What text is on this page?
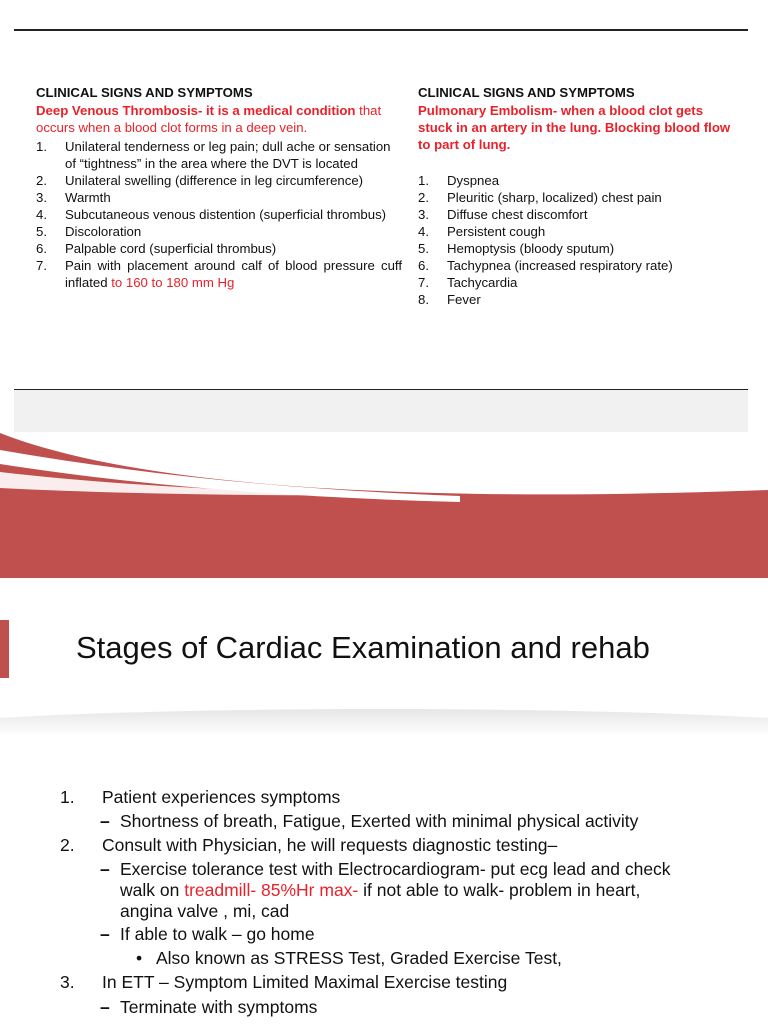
CLINICAL SIGNS AND SYMPTOMS
Deep Venous Thrombosis- it is a medical condition that occurs when a blood clot forms in a deep vein.
1.	Unilateral tenderness or leg pain; dull ache or sensation of “tightness” in the area where the DVT is located
2.	Unilateral swelling (difference in leg circumference)
3.	Warmth
4.	Subcutaneous venous distention (superficial thrombus)
5.	Discoloration
6.	Palpable cord (superficial thrombus)
7.	Pain with placement around calf of blood pressure cuff inflated to 160 to 180 mm Hg
CLINICAL SIGNS AND SYMPTOMS
Pulmonary Embolism- when a blood clot gets stuck in an artery in the lung. Blocking blood flow to part of lung.
1.	Dyspnea
2.	Pleuritic (sharp, localized) chest pain
3.	Diffuse chest discomfort
4.	Persistent cough
5.	Hemoptysis (bloody sputum)
6.	Tachypnea (increased respiratory rate)
7.	Tachycardia
8.	Fever
Stages of Cardiac Examination and rehab
1.	Patient experiences symptoms
– Shortness of breath, Fatigue, Exerted with minimal physical activity
2.	Consult with Physician, he will requests diagnostic testing–
– Exercise tolerance test with Electrocardiogram- put ecg lead and check
walk on treadmill- 85%Hr max- if not able to walk- problem in heart,
angina valve , mi, cad
– If able to walk – go home
• Also known as STRESS Test, Graded Exercise Test,
3.	In ETT – Symptom Limited Maximal Exercise testing
– Terminate with symptoms
